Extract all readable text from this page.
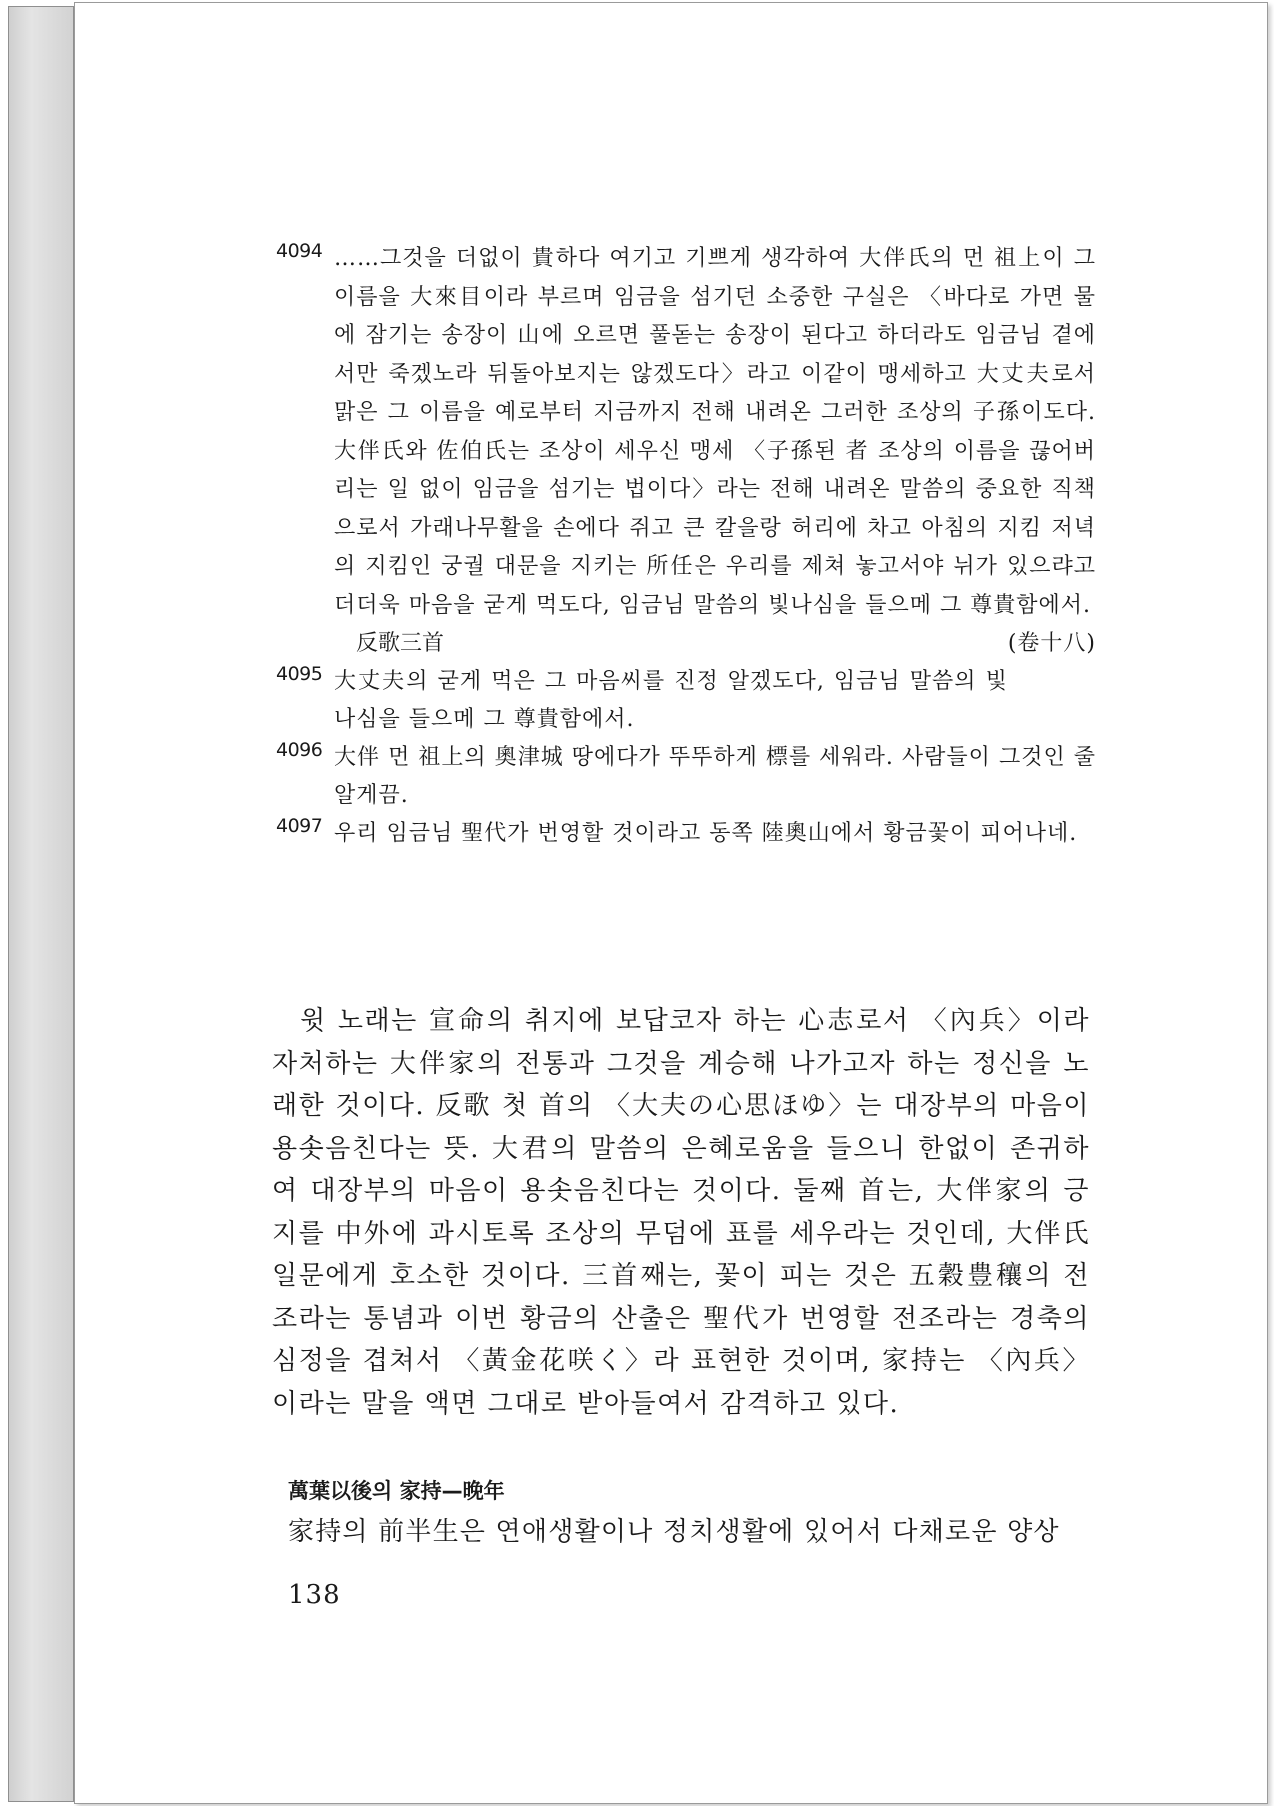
4094 ……그것을 더없이 貴하다 여기고 기쁘게 생각하여 大伴氏의 먼 祖上이 그 이름을 大來目이라 부르며 임금을 섬기던 소중한 구실은 〈바다로 가면 물에 잠기는 송장이 山에 오르면 풀돋는 송장이 된다고 하더라도 임금님 곁에서만 죽겠노라 뒤돌아보지는 않겠도다〉라고 이같이 맹세하고 大丈夫로서 맑은 그 이름을 예로부터 지금까지 전해 내려온 그러한 조상의 子孫이도다. 大伴氏와 佐伯氏는 조상이 세우신 맹세 〈子孫된 者 조상의 이름을 끊어버리는 일 없이 임금을 섬기는 법이다〉라는 전해 내려온 말씀의 중요한 직책으로서 가래나무활을 손에다 쥐고 큰 칼을랑 허리에 차고 아침의 지킴 저녁의 지킴인 궁궐 대문을 지키는 所任은 우리를 제쳐 놓고서야 뉘가 있으랴고 더더욱 마음을 굳게 먹도다, 임금님 말씀의 빛나심을 들으메 그 尊貴함에서.
(卷十八)

反歌三首

4095 大丈夫의 굳게 먹은 그 마음씨를 진정 알겠도다, 임금님 말씀의 빛나심을 들으메 그 尊貴함에서.
4096 大伴 먼 祖上의 奧津城 땅에다가 뚜뚜하게 標를 세워라. 사람들이 그것인 줄 알게끔.
4097 우리 임금님 聖代가 번영할 것이라고 동쪽 陸奧山에서 황금꽃이 피어나네.

윗 노래는 宣命의 취지에 보답코자 하는 心志로서 〈內兵〉이라 자처하는 大伴家의 전통과 그것을 계승해 나가고자 하는 정신을 노래한 것이다. 反歌 첫 首의 〈大夫の心思ほゆ〉는 대장부의 마음이 용솟음친다는 뜻. 大君의 말씀의 은혜로움을 들으니 한없이 존귀하여 대장부의 마음이 용솟음친다는 것이다. 둘째 首는, 大伴家의 긍지를 中外에 과시토록 조상의 무덤에 표를 세우라는 것인데, 大伴氏 일문에게 호소한 것이다. 三首째는, 꽃이 피는 것은 五穀豊穰의 전조라는 통념과 이번 황금의 산출은 聖代가 번영할 전조라는 경축의 심정을 겹쳐서 〈黃金花咲く〉라 표현한 것이며, 家持는 〈內兵〉이라는 말을 액면 그대로 받아들여서 감격하고 있다.

萬葉以後의 家持—晚年

家持의 前半生은 연애생활이나 정치생활에 있어서 다채로운 양상

138
